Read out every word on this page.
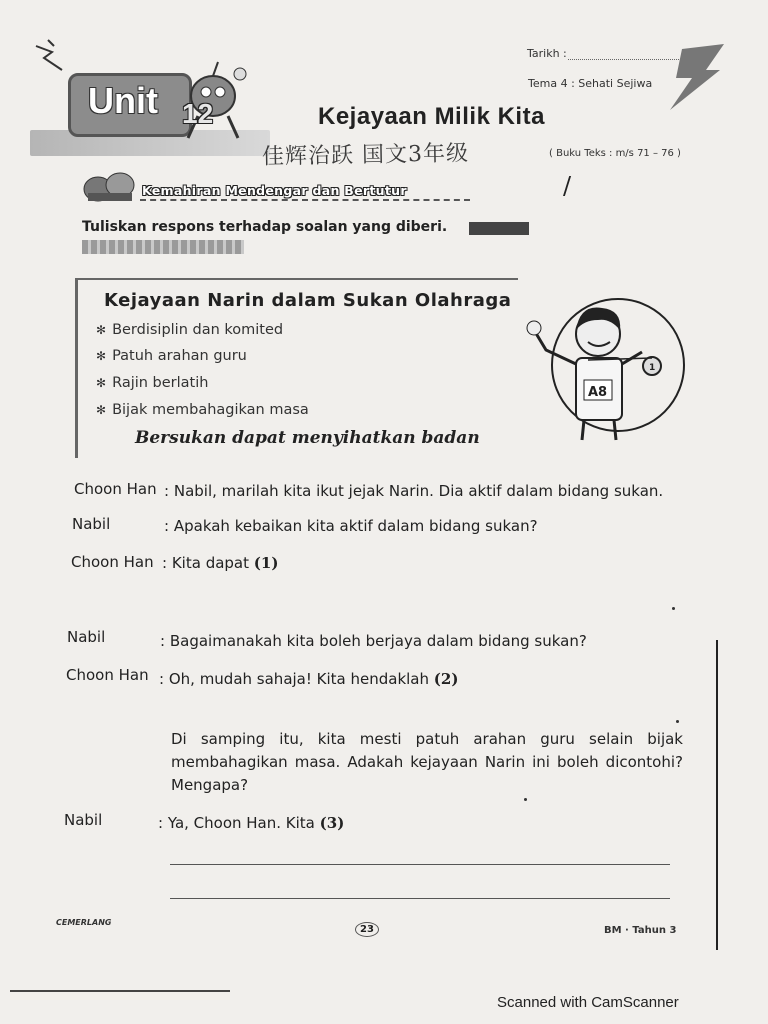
Tarikh :
Tema 4 : Sehati Sejiwa
Unit 12	Kejayaan Milik Kita
佳辉治跃 国文3年级	( Buku Teks : m/s 71 – 76 )
/
Kemahiran Mendengar dan Bertutur
Tuliskan respons terhadap soalan yang diberi.
Kejayaan Narin dalam Sukan Olahraga
✻ Berdisiplin dan komited
✻ Patuh arahan guru
✻ Rajin berlatih
✻ Bijak membahagikan masa
Bersukan dapat menyihatkan badan
A8
1
Choon Han : Nabil, marilah kita ikut jejak Narin. Dia aktif dalam bidang sukan.
Nabil	: Apakah kebaikan kita aktif dalam bidang sukan?
Choon Han : Kita dapat (1)
Nabil	: Bagaimanakah kita boleh berjaya dalam bidang sukan?
Choon Han : Oh, mudah sahaja! Kita hendaklah (2)
Di samping itu, kita mesti patuh arahan guru selain bijak membahagikan masa. Adakah kejayaan Narin ini boleh dicontohi? Mengapa?
Nabil	: Ya, Choon Han. Kita (3)
CEMERLANG
23	BM · Tahun 3
Scanned with CamScanner
